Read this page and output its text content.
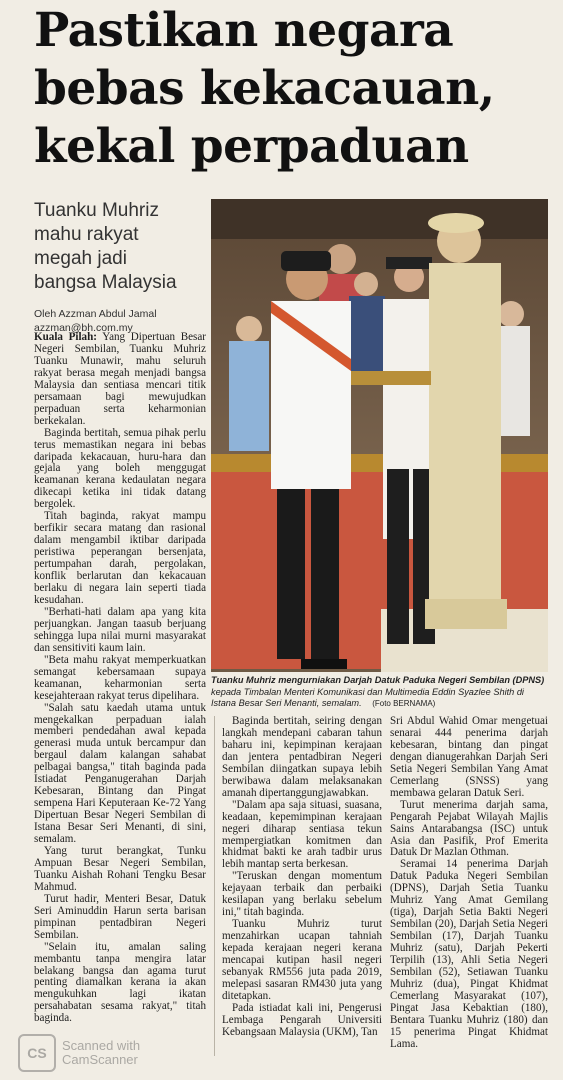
Pastikan negara
bebas kekacauan,
kekal perpaduan
Tuanku Muhriz
mahu rakyat
megah jadi
bangsa Malaysia
Oleh Azzman Abdul Jamal
azzman@bh.com.my
Tuanku Muhriz mengurniakan Darjah Datuk Paduka Negeri Sembilan (DPNS) kepada Timbalan Menteri Komunikasi dan Multimedia Eddin Syazlee Shith di Istana Besar Seri Menanti, semalam. (Foto BERNAMA)

Kuala Pilah: Yang Dipertuan Besar Negeri Sembilan, Tuanku Muhriz Tuanku Munawir, mahu seluruh rakyat berasa megah menjadi bangsa Malaysia dan sentiasa mencari titik persamaan bagi mewujudkan perpaduan serta keharmonian berkekalan.

Baginda bertitah, semua pihak perlu terus memastikan negara ini bebas daripada kekacauan, huru-hara dan gejala yang boleh menggugat keamanan kerana kedaulatan negara dikecapi ketika ini tidak datang bergolek.

Titah baginda, rakyat mampu berfikir secara matang dan rasional dalam mengambil iktibar daripada peristiwa peperangan bersenjata, pertumpahan darah, pergolakan, konflik berlarutan dan kekacauan berlaku di negara lain seperti tiada kesudahan.

"Berhati-hati dalam apa yang kita perjuangkan. Jangan taasub berjuang sehingga lupa nilai murni masyarakat dan sensitiviti kaum lain.

"Beta mahu rakyat memperkuatkan semangat kebersamaan supaya keamanan, keharmonian serta kesejahteraan rakyat terus dipelihara.

"Salah satu kaedah utama untuk mengekalkan perpaduan ialah memberi pendedahan awal kepada generasi muda untuk bercampur dan bergaul dalam kalangan sahabat pelbagai bangsa," titah baginda pada Istiadat Penganugerahan Darjah Kebesaran, Bintang dan Pingat sempena Hari Keputeraan Ke-72 Yang Dipertuan Besar Negeri Sembilan di Istana Besar Seri Menanti, di sini, semalam.

Yang turut berangkat, Tunku Ampuan Besar Negeri Sembilan, Tuanku Aishah Rohani Tengku Besar Mahmud.

Turut hadir, Menteri Besar, Datuk Seri Aminuddin Harun serta barisan pimpinan pentadbiran Negeri Sembilan.

"Selain itu, amalan saling membantu tanpa mengira latar belakang bangsa dan agama turut penting diamalkan kerana ia akan mengukuhkan lagi ikatan persahabatan sesama rakyat," titah baginda.

Baginda bertitah, seiring dengan langkah mendepani cabaran tahun baharu ini, kepimpinan kerajaan dan jentera pentadbiran Negeri Sembilan diingatkan supaya lebih berwibawa dalam melaksanakan amanah dipertanggungjawabkan.

"Dalam apa saja situasi, suasana, keadaan, kepemimpinan kerajaan negeri diharap sentiasa tekun mempergiatkan komitmen dan khidmat bakti ke arah tadbir urus lebih mantap serta berkesan.

"Teruskan dengan momentum kejayaan terbaik dan perbaiki kesilapan yang berlaku sebelum ini," titah baginda.

Tuanku Muhriz turut menzahirkan ucapan tahniah kepada kerajaan negeri kerana mencapai kutipan hasil negeri sebanyak RM556 juta pada 2019, melepasi sasaran RM430 juta yang ditetapkan.

Pada istiadat kali ini, Pengerusi Lembaga Pengarah Universiti Kebangsaan Malaysia (UKM), Tan

Sri Abdul Wahid Omar mengetuai senarai 444 penerima darjah kebesaran, bintang dan pingat dengan dianugerahkan Darjah Seri Setia Negeri Sembilan Yang Amat Cemerlang (SNSS) yang membawa gelaran Datuk Seri.

Turut menerima darjah sama, Pengarah Pejabat Wilayah Majlis Sains Antarabangsa (ISC) untuk Asia dan Pasifik, Prof Emerita Datuk Dr Mazlan Othman.

Seramai 14 penerima Darjah Datuk Paduka Negeri Sembilan (DPNS), Darjah Setia Tuanku Muhriz Yang Amat Gemilang (tiga), Darjah Setia Bakti Negeri Sembilan (20), Darjah Setia Negeri Sembilan (17), Darjah Tuanku Muhriz (satu), Darjah Pekerti Terpilih (13), Ahli Setia Negeri Sembilan (52), Setiawan Tuanku Muhriz (dua), Pingat Khidmat Cemerlang Masyarakat (107), Pingat Jasa Kebaktian (180), Bentara Tuanku Muhriz (180) dan 15 penerima Pingat Khidmat Lama.

CS	Scanned with
CamScanner
